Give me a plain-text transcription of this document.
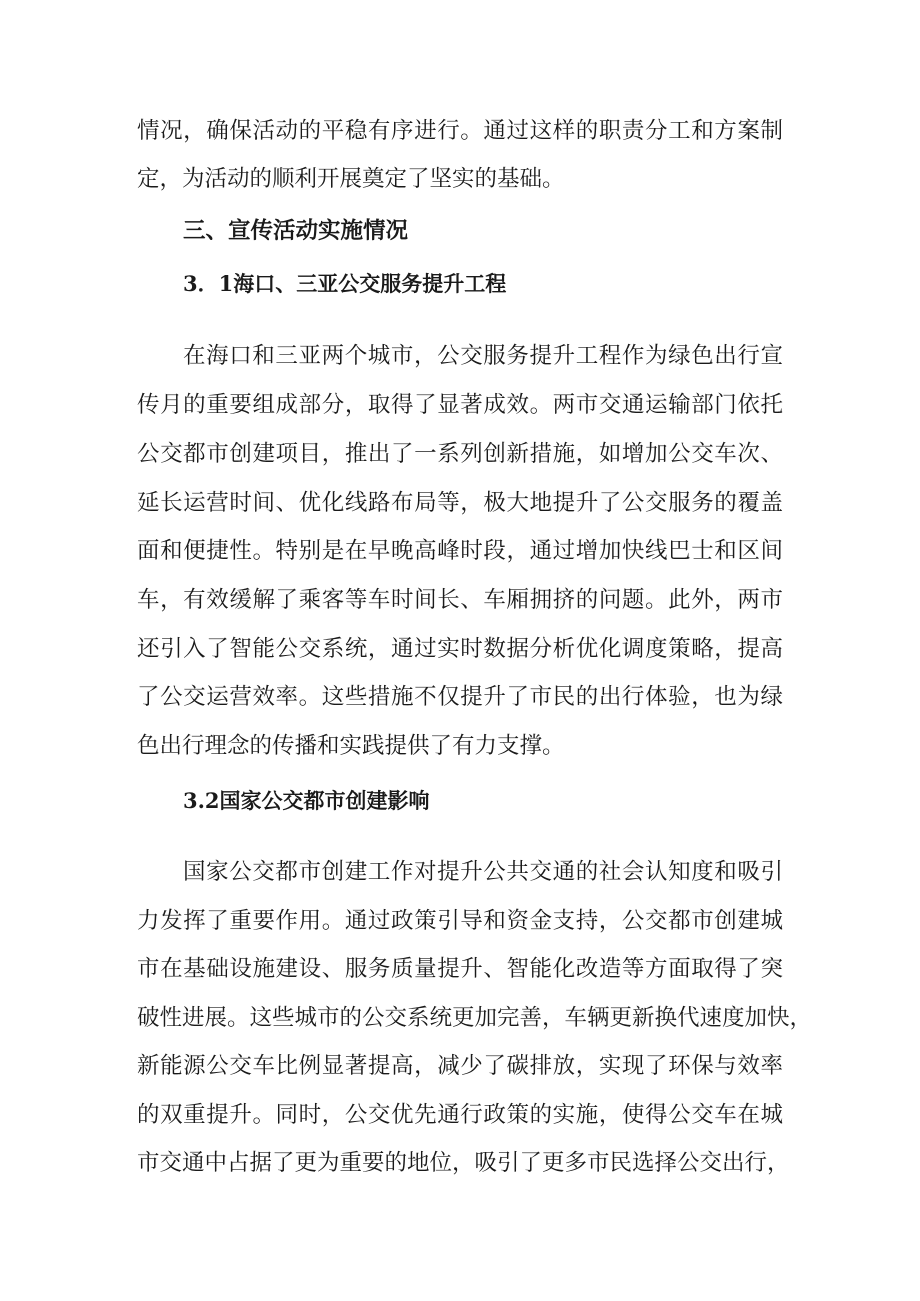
情况，确保活动的平稳有序进行。通过这样的职责分工和方案制

定，为活动的顺利开展奠定了坚实的基础。

三、宣传活动实施情况
3．1海口、三亚公交服务提升工程

在海口和三亚两个城市，公交服务提升工程作为绿色出行宣

传月的重要组成部分，取得了显著成效。两市交通运输部门依托

公交都市创建项目，推出了一系列创新措施，如增加公交车次、

延长运营时间、优化线路布局等，极大地提升了公交服务的覆盖

面和便捷性。特别是在早晚高峰时段，通过增加快线巴士和区间

车，有效缓解了乘客等车时间长、车厢拥挤的问题。此外，两市

还引入了智能公交系统，通过实时数据分析优化调度策略，提高

了公交运营效率。这些措施不仅提升了市民的出行体验，也为绿

色出行理念的传播和实践提供了有力支撑。

3.2国家公交都市创建影响

国家公交都市创建工作对提升公共交通的社会认知度和吸引

力发挥了重要作用。通过政策引导和资金支持，公交都市创建城

市在基础设施建设、服务质量提升、智能化改造等方面取得了突

破性进展。这些城市的公交系统更加完善，车辆更新换代速度加快，

新能源公交车比例显著提高，减少了碳排放，实现了环保与效率

的双重提升。同时，公交优先通行政策的实施，使得公交车在城

市交通中占据了更为重要的地位，吸引了更多市民选择公交出行，
